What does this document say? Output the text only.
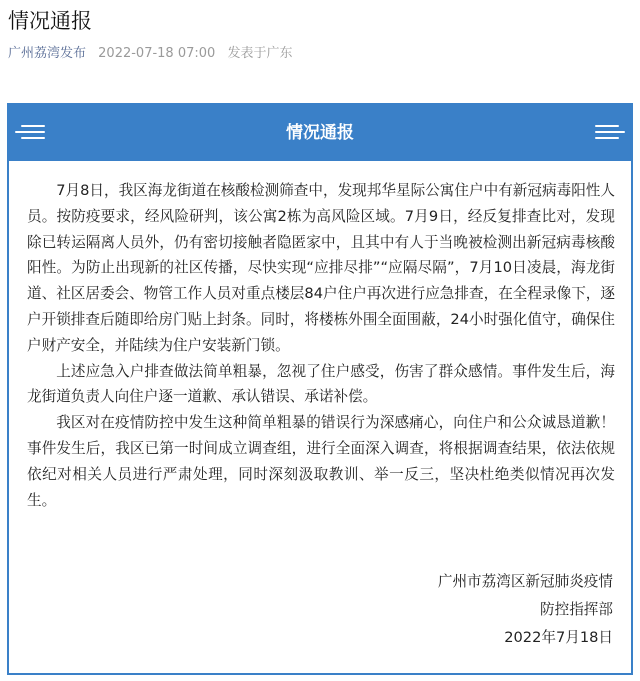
情况通报
广州荔湾发布 2022-07-18 07:00 发表于广东
情况通报

7月8日，我区海龙街道在核酸检测筛查中，发现邦华星际公寓住户中有新冠病毒阳性人员。按防疫要求，经风险研判，该公寓2栋为高风险区域。7月9日，经反复排查比对，发现除已转运隔离人员外，仍有密切接触者隐匿家中，且其中有人于当晚被检测出新冠病毒核酸阳性。为防止出现新的社区传播，尽快实现“应排尽排”“应隔尽隔”，7月10日凌晨，海龙街道、社区居委会、物管工作人员对重点楼层84户住户再次进行应急排查，在全程录像下，逐户开锁排查后随即给房门贴上封条。同时，将楼栋外围全面围蔽，24小时强化值守，确保住户财产安全，并陆续为住户安装新门锁。

上述应急入户排查做法简单粗暴，忽视了住户感受，伤害了群众感情。事件发生后，海龙街道负责人向住户逐一道歉、承认错误、承诺补偿。

我区对在疫情防控中发生这种简单粗暴的错误行为深感痛心，向住户和公众诚恳道歉！事件发生后，我区已第一时间成立调查组，进行全面深入调查，将根据调查结果，依法依规依纪对相关人员进行严肃处理，同时深刻汲取教训、举一反三，坚决杜绝类似情况再次发生。

广州市荔湾区新冠肺炎疫情
防控指挥部
2022年7月18日
